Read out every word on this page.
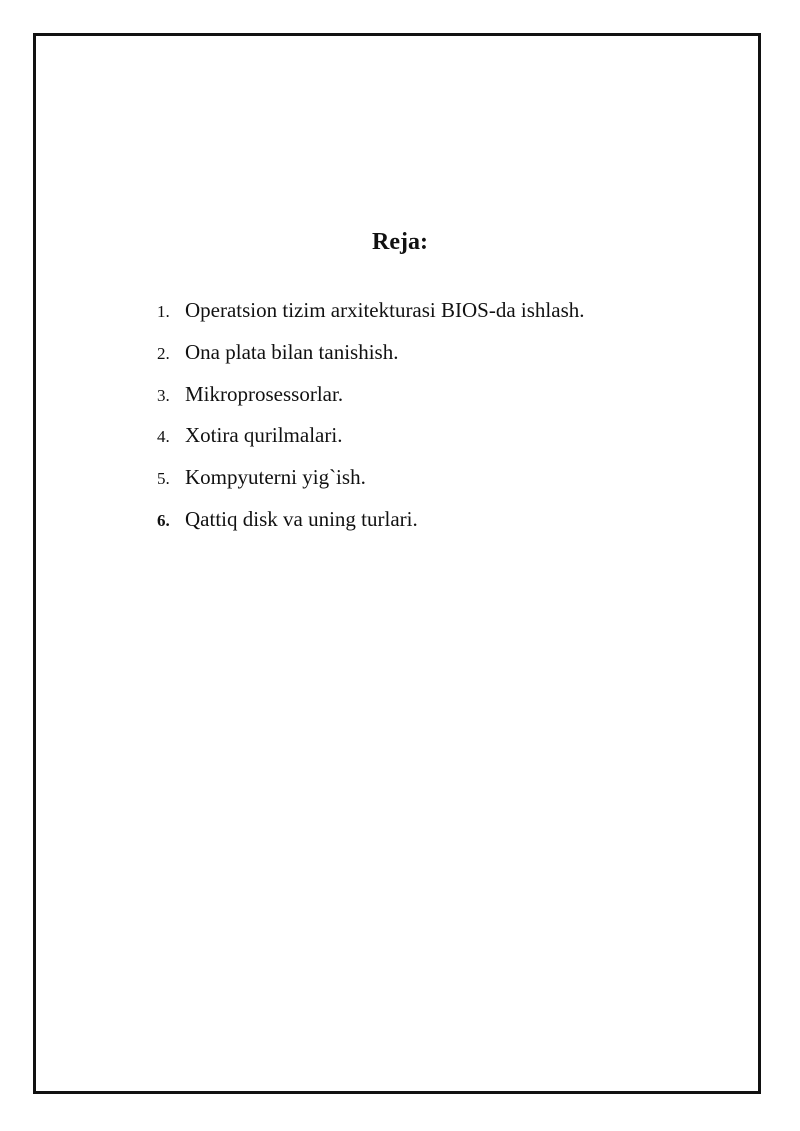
Reja:
1. Operatsion tizim arxitekturasi BIOS-da ishlash.
2. Ona plata bilan tanishish.
3. Mikroprosessorlar.
4. Xotira qurilmalari.
5. Kompyuterni yig`ish.
6. Qattiq disk va uning turlari.
